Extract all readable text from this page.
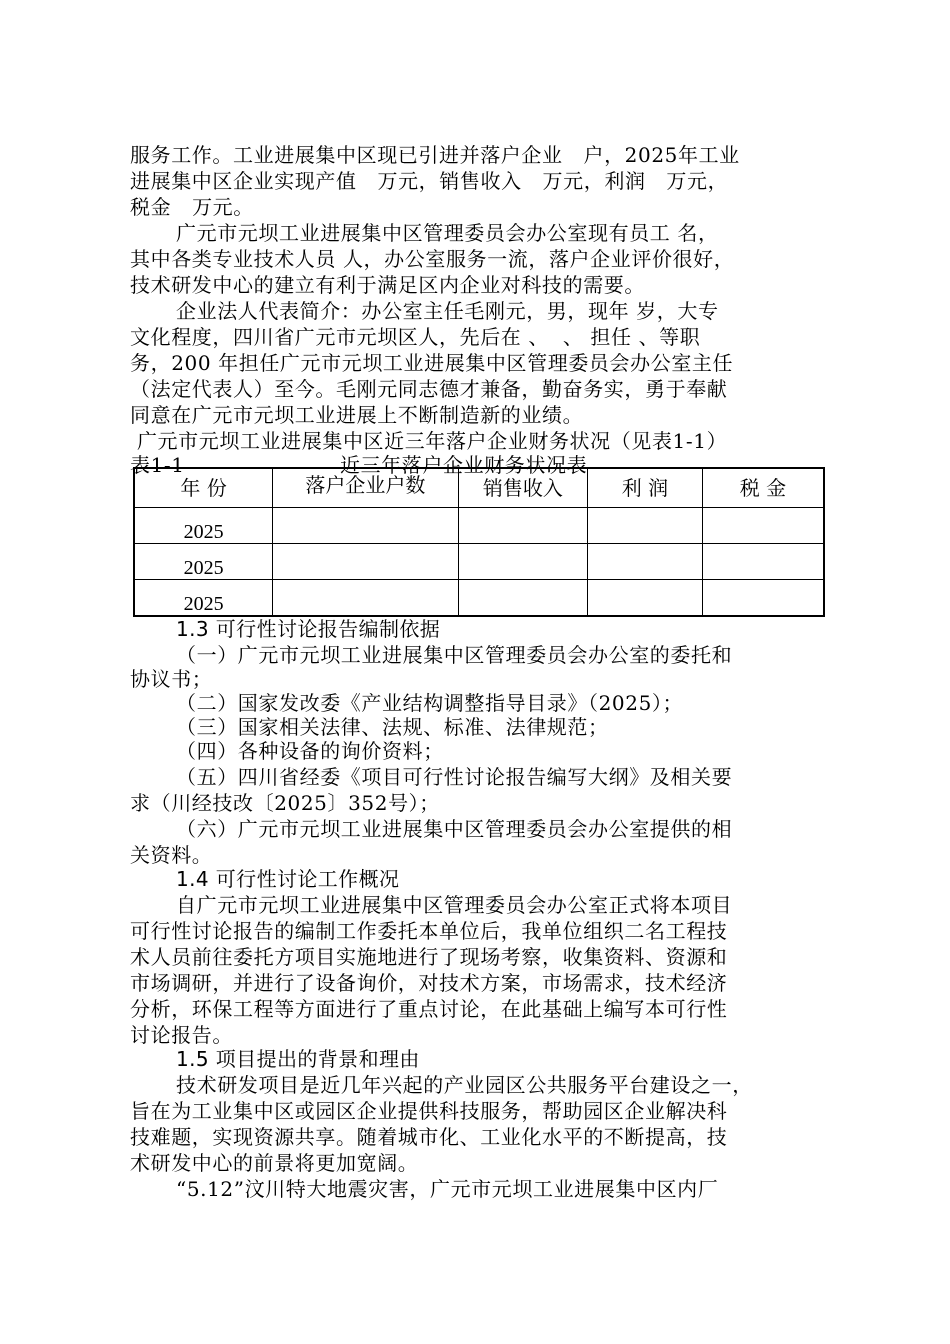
服务工作。工业进展集中区现已引进并落户企业   户，2025年工业
进展集中区企业实现产值   万元，销售收入   万元，利润   万元，
税金   万元。
广元市元坝工业进展集中区管理委员会办公室现有员工 名，
其中各类专业技术人员 人，办公室服务一流，落户企业评价很好，
技术研发中心的建立有利于满足区内企业对科技的需要。
企业法人代表简介：办公室主任毛刚元，男，现年 岁，大专
文化程度，四川省广元市元坝区人，先后在 、  、 担任 、等职
务，200 年担任广元市元坝工业进展集中区管理委员会办公室主任
（法定代表人）至今。毛刚元同志德才兼备，勤奋务实，勇于奉献
同意在广元市元坝工业进展上不断制造新的业绩。
广元市元坝工业进展集中区近三年落户企业财务状况（见表1-1）
表1-1	近三年落户企业财务状况表
年 份	落户企业户数	销售收入	利 润	税 金
2025				
2025				
2025				
1.3 可行性讨论报告编制依据
（一）广元市元坝工业进展集中区管理委员会办公室的委托和
协议书；
（二）国家发改委《产业结构调整指导目录》（2025）；
（三）国家相关法律、法规、标准、法律规范；
（四）各种设备的询价资料；
（五）四川省经委《项目可行性讨论报告编写大纲》及相关要
求（川经技改〔2025〕352号）；
（六）广元市元坝工业进展集中区管理委员会办公室提供的相
关资料。
1.4 可行性讨论工作概况
自广元市元坝工业进展集中区管理委员会办公室正式将本项目
可行性讨论报告的编制工作委托本单位后，我单位组织二名工程技
术人员前往委托方项目实施地进行了现场考察，收集资料、资源和
市场调研，并进行了设备询价，对技术方案，市场需求，技术经济
分析，环保工程等方面进行了重点讨论，在此基础上编写本可行性
讨论报告。
1.5 项目提出的背景和理由
技术研发项目是近几年兴起的产业园区公共服务平台建设之一，
旨在为工业集中区或园区企业提供科技服务，帮助园区企业解决科
技难题，实现资源共享。随着城市化、工业化水平的不断提高，技
术研发中心的前景将更加宽阔。
“5.12”汶川特大地震灾害，广元市元坝工业进展集中区内厂
